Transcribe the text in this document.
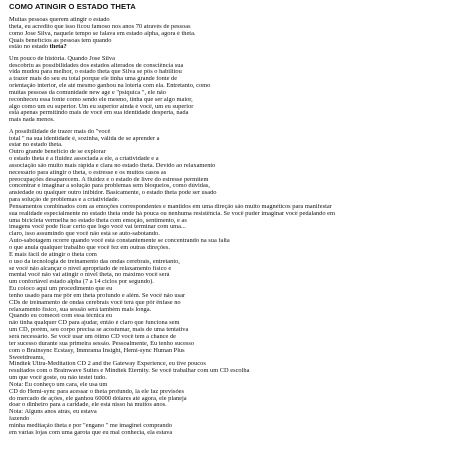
COMO ATINGIR O ESTADO THETA
Muitas pessoas querem atingir o estado
theta, eu acredito que isso ficou famoso nos anos 70 através de pessoas
como Jose Silva, naquele tempo se falava em estado alpha, agora é theta.
Quais benefícios as pessoas tem quando
estão no estado theta?
Um pouco de história. Quando Jose Silva
descobriu as possibilidades dos estados alterados de consciência sua
vida mudou para melhor, o estado theta que Silva se pôs o habilitou
a trazer mais do seu eu total porque ele tinha uma grande fonte de
orientação interior, ele até mesmo ganhou na loteria com ela. Entretanto, como
muitas pessoas da comunidade new age e "psiquica ", ele não
reconheceu essa fonte como sendo ele mesmo, tinha que ser algo maior,
algo como um eu superior. Um eu superior ainda é você, um eu superior
está apenas permitindo mais de você em sua identidade desperta, nada
mais nada menos.
A possibilidade de trazer mais do "você
total " na sua identidade é, sozinha, válida de se aprender a
estar no estado theta.
Outro grande benefício de se explorar
o estado theta é a fluidez associada a ele, a criatividade e a
associação são muito mais rápida e clara no estado theta. Devido ao relaxamento
necessário para atingir o theta, o estresse e os muitos casos as
preocupações desaparecem. A fluidez e o estado de livre do estresse permitem
concentrar e imaginar a solução para problemas sem bloqueios, como dúvidas,
ansiedade ou qualquer outro inibidor. Basicamente, o estado theta pode ser usado
para solução de problemas e a criatividade.
Pensamentos combinados com as emoções correspondentes e mantidos em uma direção são muito magnéticos para manifestar
sua realidade especialmente no estado theta onde há pouca ou nenhuma resistência. Se você puder imaginar você pedalando em
uma bicicleta vermelha no estado theta com emoção, sentimento, e as
imagens você pode ficar certo que logo você vai terminar com uma...
claro, isso assumindo que você não está se auto-sabotando.
Auto-sabotagem ocorre quando você está constantemente se concentrando na sua falta
o que anula qualquer trabalho que você fez em outras direções.
É mais fácil de atingir o theta com
o uso da tecnologia de treinamento das ondas cerebrais, entretanto,
se você não alcançar o nível apropriado de relaxamento físico e
mental você não vai atingir o nível theta, no máximo você será
um confortável estado alpha (7 a 14 ciclos por segundo).
Eu coloco aqui um procedimento que eu
tenho usado para me pôr em theta profundo e além. Se você não usar
CDs de treinamento de ondas cerebrais você terá que pôr ênfase no
relaxamento físico, sua sessão será também mais longa.
Quando eu comecei com essa técnica eu
não tinha qualquer CD para ajudar, então é claro que funciona sem
um CD, porém, seu corpo precisa se acostumar, mais de uma tentativa
será necessário. Se você usar um ótimo CD você tem a chance de
ter sucesso durante sua primeira sessão. Pessoalmente, Eu tenho sucesso
com o Brainsync Ecstasy, Immrama Insight, Hemi-sync Human Plus
Sweetdreams,
Mindtek Ultra-Meditation CD 2 and the Gateway Experience, eu tive poucos
resultados com o Brainwave Suites e Mindtek Eternity. Se você trabalhar com um CD escolha
um que você goste, ou não testei tudo.
Nota: Eu conheço um cara, ele usa um
CD do Hemi-sync para acessar o theta profundo, lá ele faz previsões
do mercado de ações, ele ganhou 60000 dólares até agora, ele planeja
doar o dinheiro para a caridade, ele está nisso há muitos anos.
Nota: Alguns anos atrás, eu estava
fazendo
minha meditação theta e por "engano " me imaginei comprando
em várias lojas com uma garota que eu mal conhecia, ela estava
